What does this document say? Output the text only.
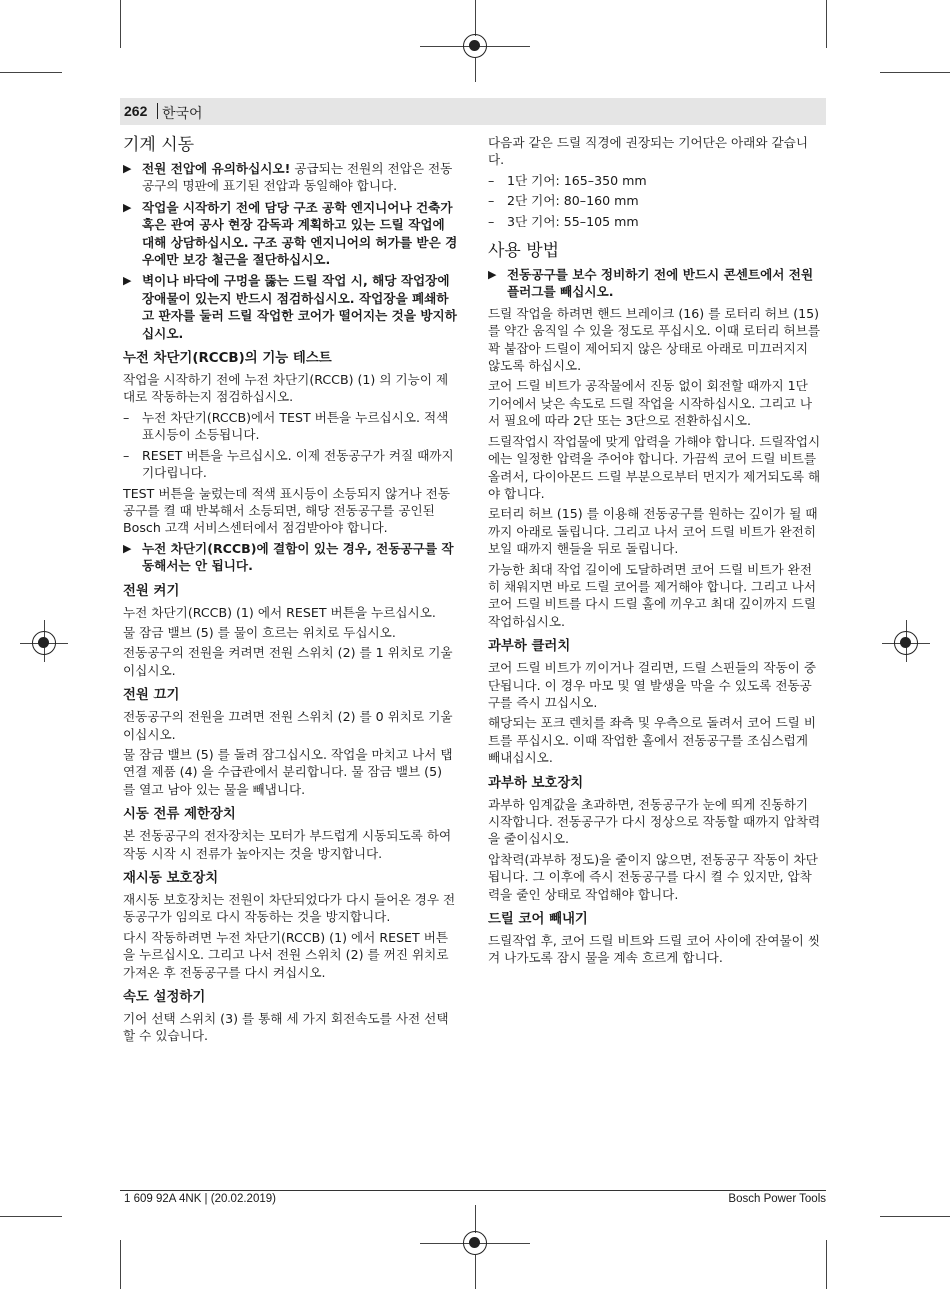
262 한국어
기계 시동
▶ 전원 전압에 유의하십시오! 공급되는 전원의 전압은 전동공구의 명판에 표기된 전압과 동일해야 합니다.
▶ 작업을 시작하기 전에 담당 구조 공학 엔지니어나 건축가 혹은 관여 공사 현장 감독과 계획하고 있는 드릴 작업에 대해 상담하십시오. 구조 공학 엔지니어의 허가를 받은 경우에만 보강 철근을 절단하십시오.
▶ 벽이나 바닥에 구멍을 뚫는 드릴 작업 시, 해당 작업장에 장애물이 있는지 반드시 점검하십시오. 작업장을 폐쇄하고 판자를 둘러 드릴 작업한 코어가 떨어지는 것을 방지하십시오.
누전 차단기(RCCB)의 기능 테스트

작업을 시작하기 전에 누전 차단기(RCCB) (1) 의 기능이 제대로 작동하는지 점검하십시오.

– 누전 차단기(RCCB)에서 TEST 버튼을 누르십시오. 적색 표시등이 소등됩니다.
– RESET 버튼을 누르십시오. 이제 전동공구가 켜질 때까지 기다립니다.

TEST 버튼을 눌렀는데 적색 표시등이 소등되지 않거나 전동공구를 켤 때 반복해서 소등되면, 해당 전동공구를 공인된 Bosch 고객 서비스센터에서 점검받아야 합니다.

▶ 누전 차단기(RCCB)에 결함이 있는 경우, 전동공구를 작동해서는 안 됩니다.
전원 켜기

누전 차단기(RCCB) (1) 에서 RESET 버튼을 누르십시오.

물 잠금 밸브 (5) 를 물이 흐르는 위치로 두십시오.

전동공구의 전원을 켜려면 전원 스위치 (2) 를 1 위치로 기울이십시오.

전원 끄기

전동공구의 전원을 끄려면 전원 스위치 (2) 를 0 위치로 기울이십시오.

물 잠금 밸브 (5) 를 돌려 잠그십시오. 작업을 마치고 나서 탭 연결 제품 (4) 을 수급관에서 분리합니다. 물 잠금 밸브 (5) 를 열고 남아 있는 물을 빼냅니다.

시동 전류 제한장치

본 전동공구의 전자장치는 모터가 부드럽게 시동되도록 하여 작동 시작 시 전류가 높아지는 것을 방지합니다.

재시동 보호장치

재시동 보호장치는 전원이 차단되었다가 다시 들어온 경우 전동공구가 임의로 다시 작동하는 것을 방지합니다.

다시 작동하려면 누전 차단기(RCCB) (1) 에서 RESET 버튼을 누르십시오. 그리고 나서 전원 스위치 (2) 를 꺼진 위치로 가져온 후 전동공구를 다시 켜십시오.

속도 설정하기

기어 선택 스위치 (3) 를 통해 세 가지 회전속도를 사전 선택할 수 있습니다.

다음과 같은 드릴 직경에 권장되는 기어단은 아래와 같습니다.

– 1단 기어: 165–350 mm
– 2단 기어: 80–160 mm
– 3단 기어: 55–105 mm
사용 방법
▶ 전동공구를 보수 정비하기 전에 반드시 콘센트에서 전원 플러그를 빼십시오.

드릴 작업을 하려면 핸드 브레이크 (16) 를 로터리 허브 (15) 를 약간 움직일 수 있을 정도로 푸십시오. 이때 로터리 허브를 꽉 붙잡아 드릴이 제어되지 않은 상태로 아래로 미끄러지지 않도록 하십시오.

코어 드릴 비트가 공작물에서 진동 없이 회전할 때까지 1단 기어에서 낮은 속도로 드릴 작업을 시작하십시오. 그리고 나서 필요에 따라 2단 또는 3단으로 전환하십시오.

드릴작업시 작업물에 맞게 압력을 가해야 합니다. 드릴작업시에는 일정한 압력을 주어야 합니다. 가끔씩 코어 드릴 비트를 올려서, 다이아몬드 드릴 부분으로부터 먼지가 제거되도록 해야 합니다.

로터리 허브 (15) 를 이용해 전동공구를 원하는 깊이가 될 때까지 아래로 돌립니다. 그리고 나서 코어 드릴 비트가 완전히 보일 때까지 핸들을 뒤로 돌립니다.

가능한 최대 작업 길이에 도달하려면 코어 드릴 비트가 완전히 채워지면 바로 드릴 코어를 제거해야 합니다. 그리고 나서 코어 드릴 비트를 다시 드릴 홀에 끼우고 최대 깊이까지 드릴 작업하십시오.

과부하 클러치

코어 드릴 비트가 끼이거나 걸리면, 드릴 스핀들의 작동이 중단됩니다. 이 경우 마모 및 열 발생을 막을 수 있도록 전동공구를 즉시 끄십시오.

해당되는 포크 렌치를 좌측 및 우측으로 돌려서 코어 드릴 비트를 푸십시오. 이때 작업한 홀에서 전동공구를 조심스럽게 빼내십시오.

과부하 보호장치

과부하 임계값을 초과하면, 전동공구가 눈에 띄게 진동하기 시작합니다. 전동공구가 다시 정상으로 작동할 때까지 압착력을 줄이십시오.

압착력(과부하 정도)을 줄이지 않으면, 전동공구 작동이 차단됩니다. 그 이후에 즉시 전동공구를 다시 켤 수 있지만, 압착력을 줄인 상태로 작업해야 합니다.

드릴 코어 빼내기

드릴작업 후, 코어 드릴 비트와 드릴 코어 사이에 잔여물이 씻겨 나가도록 잠시 물을 계속 흐르게 합니다.

1 609 92A 4NK | (20.02.2019)	Bosch Power Tools
